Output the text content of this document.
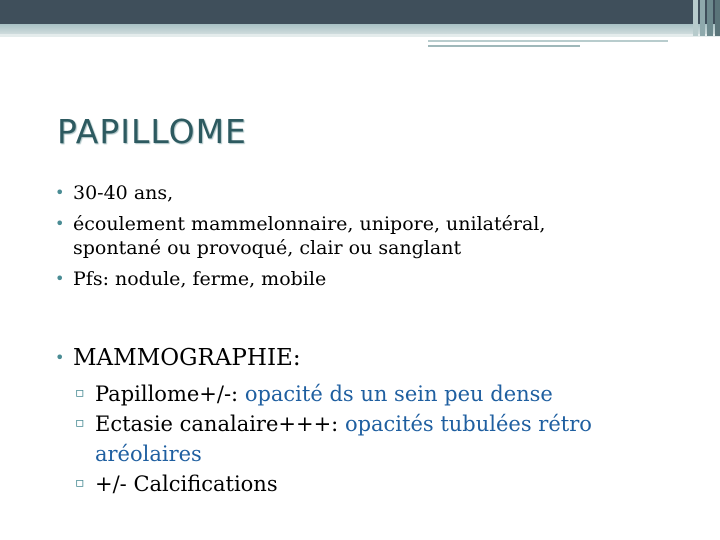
PAPILLOME
• 30-40 ans,
• écoulement mammelonnaire, unipore, unilatéral,
spontané ou provoqué, clair ou sanglant
• Pfs: nodule, ferme, mobile
• MAMMOGRAPHIE:
▫ Papillome+/-: opacité ds un sein peu dense
▫ Ectasie canalaire+++: opacités tubulées rétro
aréolaires
▫ +/- Calcifications
